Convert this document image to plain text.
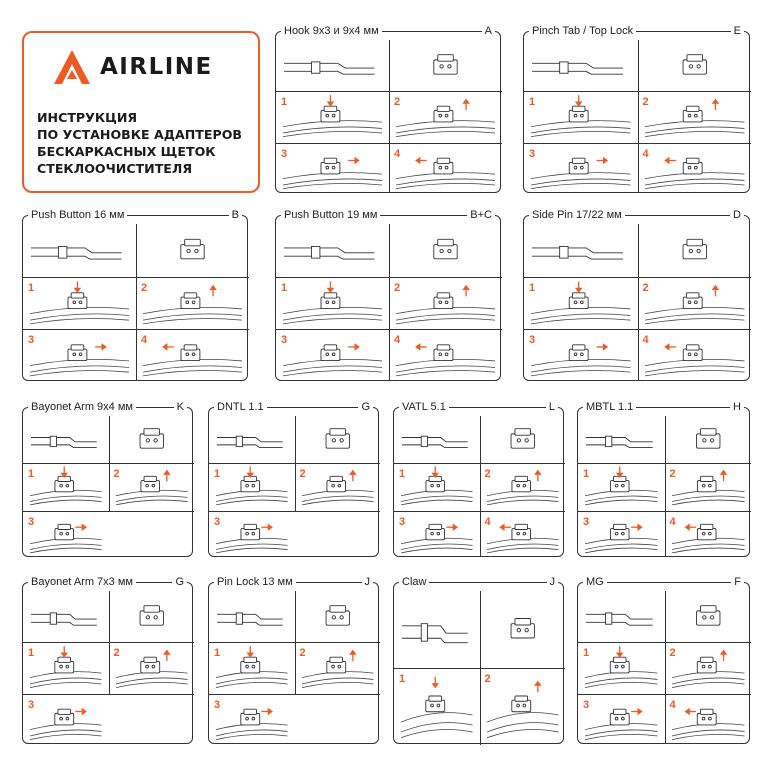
AIRLINE
ИНСТРУКЦИЯ
ПО УСТАНОВКЕ АДАПТЕРОВ
БЕСКАРКАСНЫХ ЩЕТОК
СТЕКЛООЧИСТИТЕЛЯ
Hook 9х3 и 9х4 мм	A
1	2
3	4
Pinch Tab / Top Lock	E
1	2
3	4
Push Button 16 мм	B
1	2
3	4
Push Button 19 мм	B+C
1	2
3	4
Side Pin 17/22 мм	D
1	2
3	4
Bayonet Arm 9х4 мм	K
1	2
3
DNTL 1.1	G
1	2
3
VATL 5.1	L
1	2
3	4
MBTL 1.1	H
1	2
3	4
Bayonet Arm 7х3 мм	G
1	2
3
Pin Lock 13 мм	J
1	2
3
Claw	J
1	2
MG	F
1	2
3	4
